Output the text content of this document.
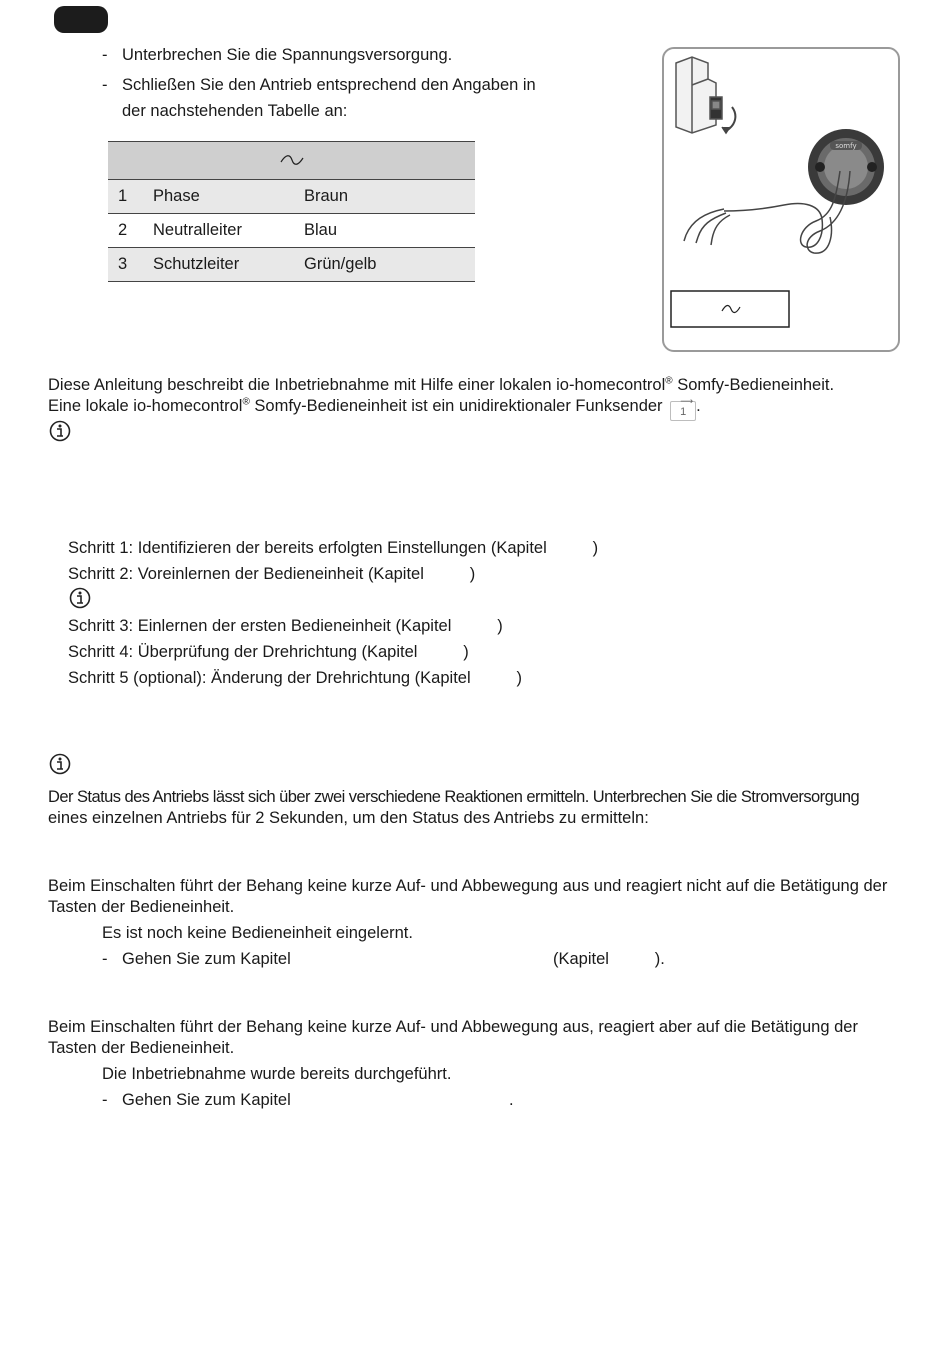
- Unterbrechen Sie die Spannungsversorgung.
- Schließen Sie den Antrieb entsprechend den Angaben in
der nachstehenden Tabelle an:

1	Phase	Braun
2	Neutralleiter	Blau
3	Schutzleiter	Grün/gelb
somfy
Diese Anleitung beschreibt die Inbetriebnahme mit Hilfe einer lokalen io-homecontrol® Somfy-Bedieneinheit.
Eine lokale io-homecontrol® Somfy-Bedieneinheit ist ein unidirektionaler Funksender ⟶
1 .
Schritt 1: Identifizieren der bereits erfolgten Einstellungen (Kapitel          )
Schritt 2: Voreinlernen der Bedieneinheit (Kapitel          )
Schritt 3: Einlernen der ersten Bedieneinheit (Kapitel          )
Schritt 4: Überprüfung der Drehrichtung (Kapitel          )
Schritt 5 (optional): Änderung der Drehrichtung (Kapitel          )
Der Status des Antriebs lässt sich über zwei verschiedene Reaktionen ermitteln. Unterbrechen Sie die Stromversorgung
eines einzelnen Antriebs für 2 Sekunden, um den Status des Antriebs zu ermitteln:
Beim Einschalten führt der Behang keine kurze Auf- und Abbewegung aus und reagiert nicht auf die Betätigung der
Tasten der Bedieneinheit.
Es ist noch keine Bedieneinheit eingelernt.
- Gehen Sie zum Kapitel	(Kapitel          ).
Beim Einschalten führt der Behang keine kurze Auf- und Abbewegung aus, reagiert aber auf die Betätigung der
Tasten der Bedieneinheit.
Die Inbetriebnahme wurde bereits durchgeführt.
- Gehen Sie zum Kapitel	.
